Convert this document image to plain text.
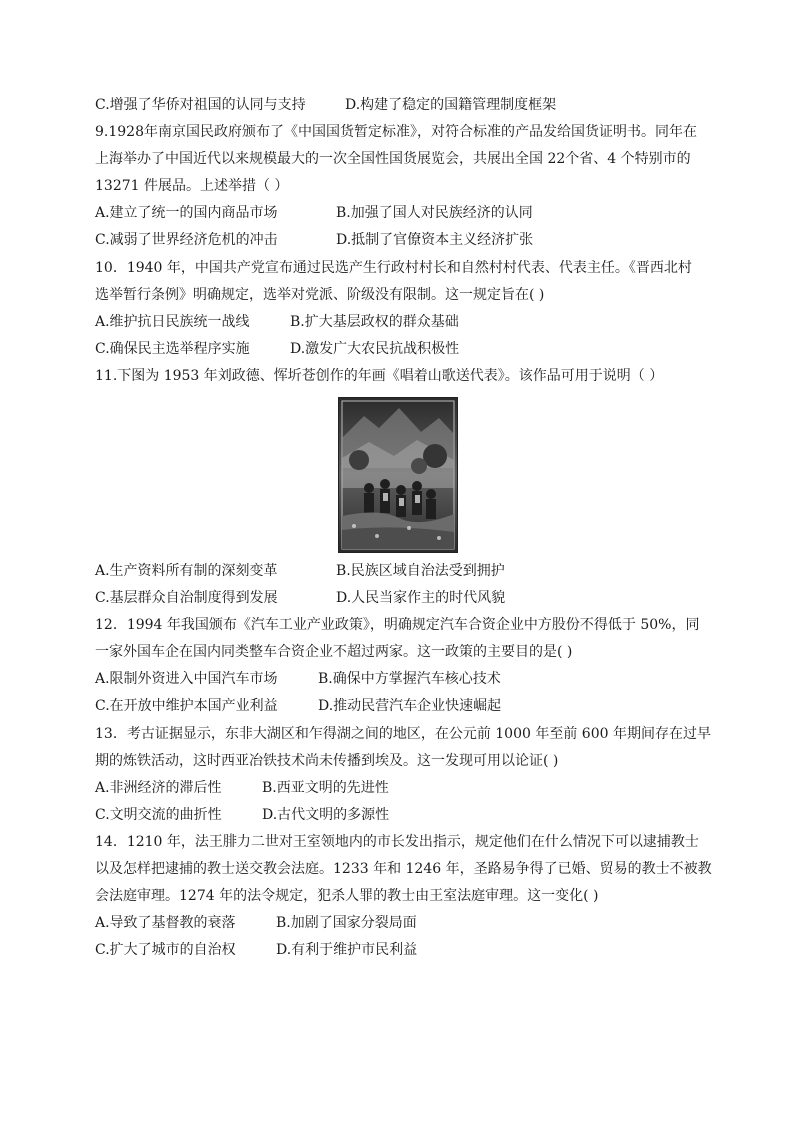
C.增强了华侨对祖国的认同与支持	D.构建了稳定的国籍管理制度框架
9.1928年南京国民政府颁布了《中国国货暂定标准》，对符合标准的产品发给国货证明书。同年在
上海举办了中国近代以来规模最大的一次全国性国货展览会，共展出全国 22个省、4 个特别市的
13271 件展品。上述举措（ ）
A.建立了统一的国内商品市场	B.加强了国人对民族经济的认同
C.减弱了世界经济危机的冲击	D.抵制了官僚资本主义经济扩张
10．1940 年，中国共产党宣布通过民选产生行政村村长和自然村村代表、代表主任。《晋西北村
选举暂行条例》明确规定，选举对党派、阶级没有限制。这一规定旨在( )
A.维护抗日民族统一战线	B.扩大基层政权的群众基础
C.确保民主选举程序实施	D.激发广大农民抗战积极性
11.下图为 1953 年刘政德、恽圻苍创作的年画《唱着山歌送代表》。该作品可用于说明（ ）
A.生产资料所有制的深刻变革	B.民族区域自治法受到拥护
C.基层群众自治制度得到发展	D.人民当家作主的时代风貌
12．1994 年我国颁布《汽车工业产业政策》，明确规定汽车合资企业中方股份不得低于 50%，同
一家外国车企在国内同类整车合资企业不超过两家。这一政策的主要目的是( )
A.限制外资进入中国汽车市场	B.确保中方掌握汽车核心技术
C.在开放中维护本国产业利益	D.推动民营汽车企业快速崛起
13．考古证据显示，东非大湖区和乍得湖之间的地区，在公元前 1000 年至前 600 年期间存在过早
期的炼铁活动，这时西亚冶铁技术尚未传播到埃及。这一发现可用以论证( )
A.非洲经济的滞后性	B.西亚文明的先进性
C.文明交流的曲折性	D.古代文明的多源性
14．1210 年，法王腓力二世对王室领地内的市长发出指示，规定他们在什么情况下可以逮捕教士
以及怎样把逮捕的教士送交教会法庭。1233 年和 1246 年，圣路易争得了已婚、贸易的教士不被教
会法庭审理。1274 年的法令规定，犯杀人罪的教士由王室法庭审理。这一变化( )
A.导致了基督教的衰落	B.加剧了国家分裂局面
C.扩大了城市的自治权	D.有利于维护市民利益
